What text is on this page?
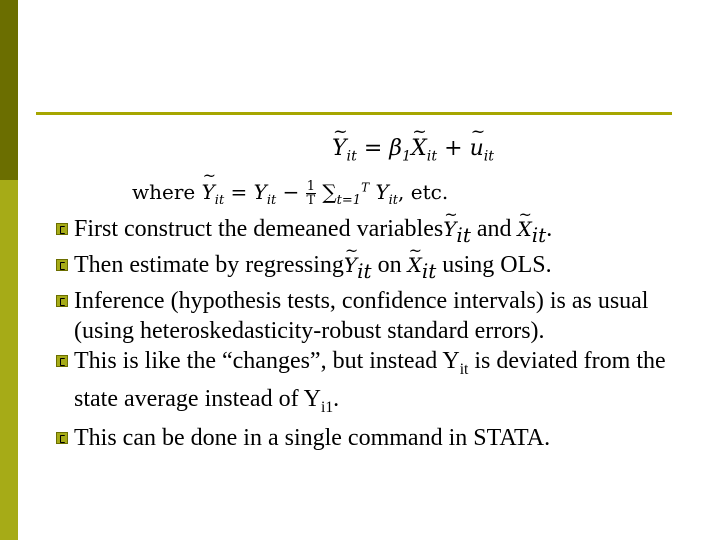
~ $Y_{it}$ = $\beta_1\sim$ $X_{it}$ + ~ $u_{it}$
where ~ $Y_{it} = Y_{it} - \frac{1}{T} \sum_{t=1}^T$ $Y_{it}$, etc.

First construct the demeaned variables~ $Y_{it}$ and ~ $X_{it}$.

Then estimate by regressing~ $Y_{it}$ on ~ $X_{it}$ using OLS.

Inference (hypothesis tests, confidence intervals) is as usual (using heteroskedasticity-robust standard errors).

This is like the “changes”, but instead $Y_{it}$ is deviated from the state average instead of $Y_{i1}$.

This can be done in a single command in STATA.
